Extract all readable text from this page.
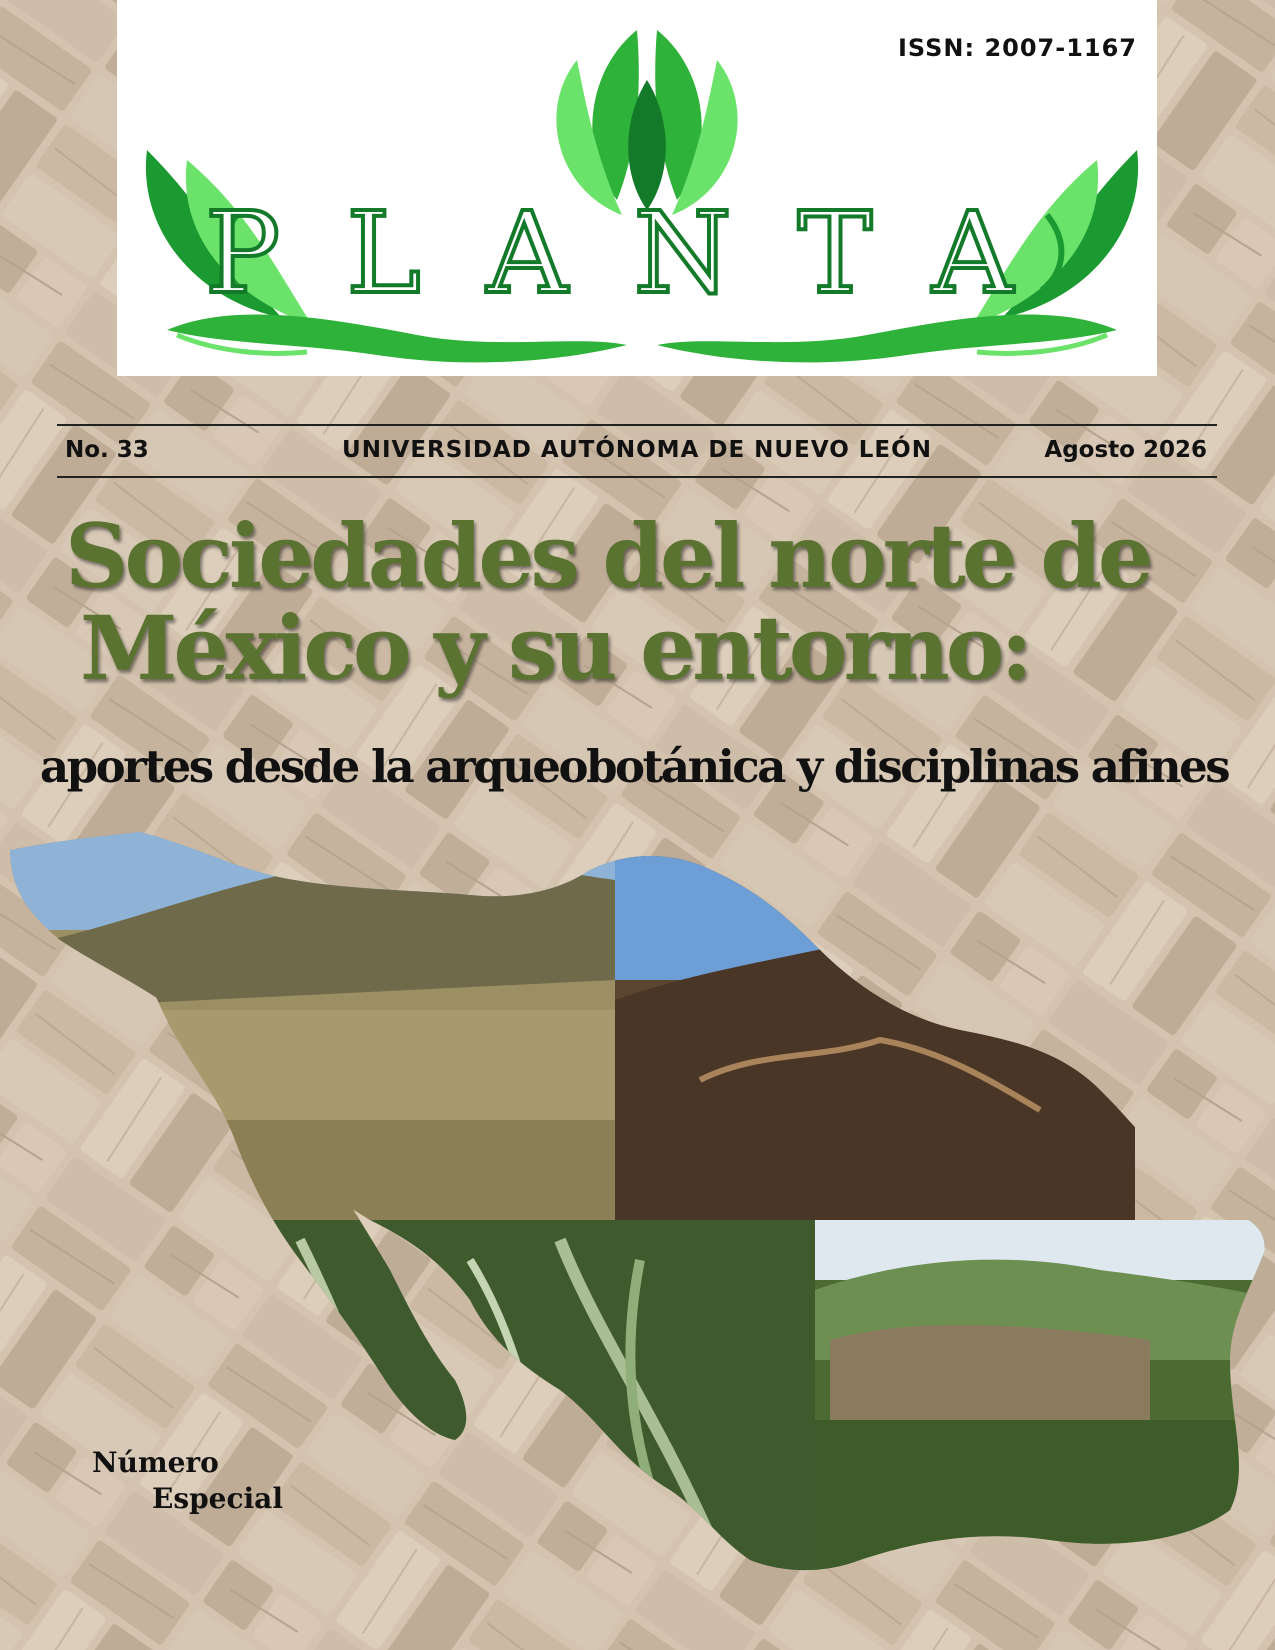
PLANTA
ISSN: 2007-1167
UNIVERSIDAD AUTÓNOMA DE NUEVO LEÓN
No. 33	Agosto 2026
Sociedades del norte de
México y su entorno:
aportes desde la arqueobotánica y disciplinas afines
Número
Especial
